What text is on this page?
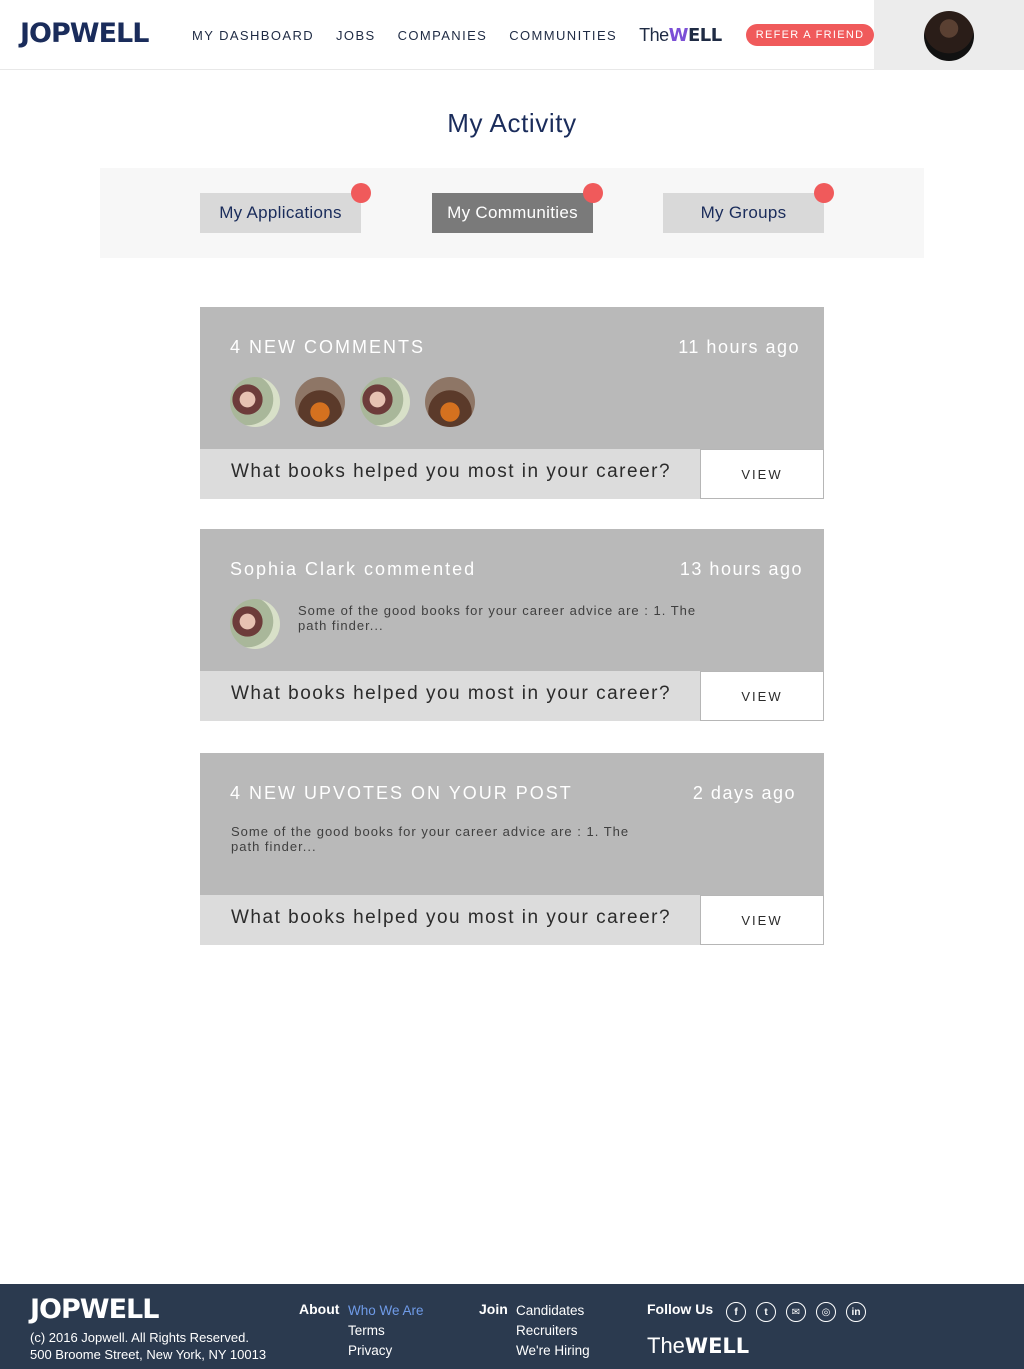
JOPWELL	MY DASHBOARD JOBS COMPANIES COMMUNITIES The WELL	REFER A FRIEND
My Activity
My Applications	My Communities	My Groups
4 NEW COMMENTS	11 hours ago
What books helped you most in your career?	VIEW
Sophia Clark commented	13 hours ago
Some of the good books for your career advice are : 1. The
path finder...
What books helped you most in your career?	VIEW
4 NEW UPVOTES ON YOUR POST	2 days ago
Some of the good books for your career advice are : 1. The
path finder...
What books helped you most in your career?	VIEW
JOPWELL
(c) 2016 Jopwell. All Rights Reserved.
500 Broome Street, New York, NY 10013
About Who We Are
Terms
Privacy
Join Candidates
Recruiters
We're Hiring
Follow Us	f	t	✉	◎	in
The WELL
